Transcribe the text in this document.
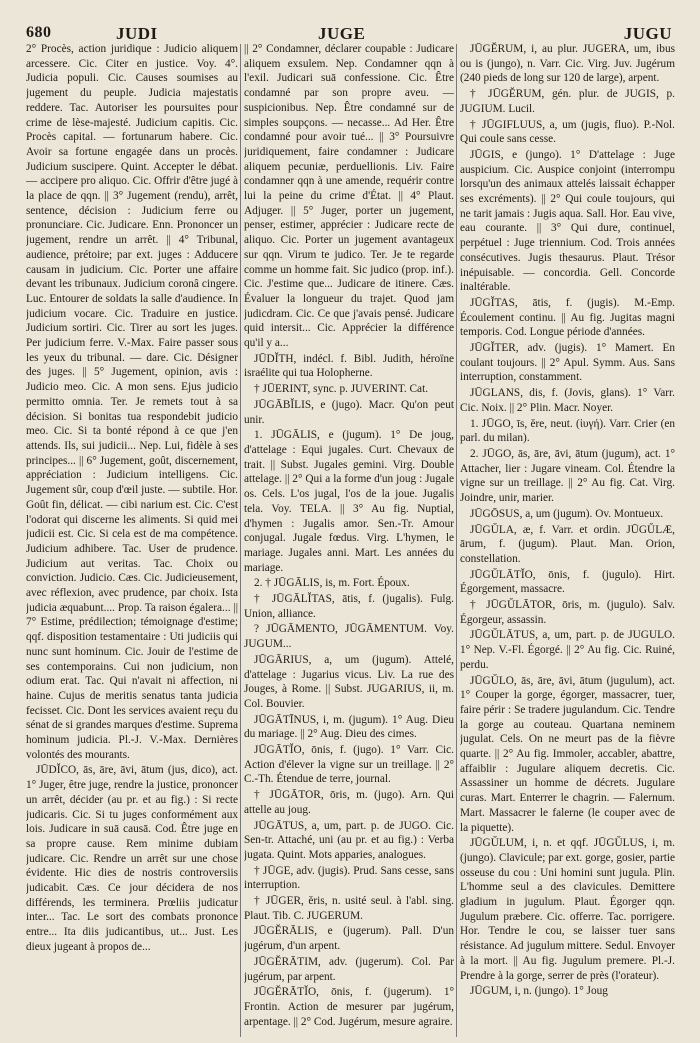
680	JUDI	JUGE	JUGU

2° Procès, action juridique : Judicio aliquem arcessere. Cic. Citer en justice. Voy. 4°. Judicia populi. Cic. Causes soumises au jugement du peuple. Judicia majestatis reddere. Tac. Autoriser les poursuites pour crime de lèse-majesté. Judicium capitis. Cic. Procès capital. — fortunarum habere. Cic. Avoir sa fortune engagée dans un procès. Judicium suscipere. Quint. Accepter le débat. — accipere pro aliquo. Cic. Offrir d'être jugé à la place de qqn. || 3° Jugement (rendu), arrêt, sentence, décision : Judicium ferre ou pronunciare. Cic. Judicare. Enn. Prononcer un jugement, rendre un arrêt. || 4° Tribunal, audience, prétoire; par ext. juges : Adducere causam in judicium. Cic. Porter une affaire devant les tribunaux. Judicium coronâ cingere. Luc. Entourer de soldats la salle d'audience. In judicium vocare. Cic. Traduire en justice. Judicium sortiri. Cic. Tirer au sort les juges. Per judicium ferre. V.-Max. Faire passer sous les yeux du tribunal. — dare. Cic. Désigner des juges. || 5° Jugement, opinion, avis : Judicio meo. Cic. A mon sens. Ejus judicio permitto omnia. Ter. Je remets tout à sa décision. Si bonitas tua respondebit judicio meo. Cic. Si ta bonté répond à ce que j'en attends. Ils, sui judicii... Nep. Lui, fidèle à ses principes... || 6° Jugement, goût, discernement, appréciation : Judicium intelligens. Cic. Jugement sûr, coup d'œil juste. — subtile. Hor. Goût fin, délicat. — cibi narium est. Cic. C'est l'odorat qui discerne les aliments. Si quid mei judicii est. Cic. Si cela est de ma compétence. Judicium adhibere. Tac. User de prudence. Judicium aut veritas. Tac. Choix ou conviction. Judicio. Cæs. Cic. Judicieusement, avec réflexion, avec prudence, par choix. Ista judicia æquabunt.... Prop. Ta raison égalera... || 7° Estime, prédilection; témoignage d'estime; qqf. disposition testamentaire : Uti judiciis qui nunc sunt hominum. Cic. Jouir de l'estime de ses contemporains. Cui non judicium, non odium erat. Tac. Qui n'avait ni affection, ni haine. Cujus de meritis senatus tanta judicia fecisset. Cic. Dont les services avaient reçu du sénat de si grandes marques d'estime. Suprema hominum judicia. Pl.-J. V.-Max. Dernières volontés des mourants.

JŪDĬCO, ās, āre, āvi, ātum (jus, dico), act. 1° Juger, être juge, rendre la justice, prononcer un arrêt, décider (au pr. et au fig.) : Si recte judicaris. Cic. Si tu juges conformément aux lois. Judicare in suā causā. Cod. Être juge en sa propre cause. Rem minime dubiam judicare. Cic. Rendre un arrêt sur une chose évidente. Hic dies de nostris controversiis judicabit. Cæs. Ce jour décidera de nos différends, les terminera. Prœliis judicatur inter... Tac. Le sort des combats prononce entre... Ita diis judicantibus, ut... Just. Les dieux jugeant à propos de...

|| 2° Condamner, déclarer coupable : Judicare aliquem exsulem. Nep. Condamner qqn à l'exil. Judicari suā confessione. Cic. Être condamné par son propre aveu. — suspicionibus. Nep. Être condamné sur de simples soupçons. — necasse... Ad Her. Être condamné pour avoir tué... || 3° Poursuivre juridiquement, faire condamner : Judicare aliquem pecuniæ, perduellionis. Liv. Faire condamner qqn à une amende, requérir contre lui la peine du crime d'État. || 4° Plaut. Adjuger. || 5° Juger, porter un jugement, penser, estimer, apprécier : Judicare recte de aliquo. Cic. Porter un jugement avantageux sur qqn. Virum te judico. Ter. Je te regarde comme un homme fait. Sic judico (prop. inf.). Cic. J'estime que... Judicare de itinere. Cæs. Évaluer la longueur du trajet. Quod jam judicdram. Cic. Ce que j'avais pensé. Judicare quid intersit... Cic. Apprécier la différence qu'il y a...

JŪDĬTH, indécl. f. Bibl. Judith, héroïne israélite qui tua Holopherne.

† JŪERINT, sync. p. JUVERINT. Cat.

JŪGĀBĬLIS, e (jugo). Macr. Qu'on peut unir.

1. JŪGĀLIS, e (jugum). 1° De joug, d'attelage : Equi jugales. Curt. Chevaux de trait. || Subst. Jugales gemini. Virg. Double attelage. || 2° Qui a la forme d'un joug : Jugale os. Cels. L'os jugal, l'os de la joue. Jugalis tela. Voy. TELA. || 3° Au fig. Nuptial, d'hymen : Jugalis amor. Sen.-Tr. Amour conjugal. Jugale fœdus. Virg. L'hymen, le mariage. Jugales anni. Mart. Les années du mariage.

2. † JŪGĀLIS, is, m. Fort. Époux.

† JŪGĀLĬTAS, ātis, f. (jugalis). Fulg. Union, alliance.

? JŪGĀMENTO, JŪGĀMENTUM. Voy. JUGUM...

JŪGĀRIUS, a, um (jugum). Attelé, d'attelage : Jugarius vicus. Liv. La rue des Jouges, à Rome. || Subst. JUGARIUS, ii, m. Col. Bouvier.

JŪGĀTĪNUS, i, m. (jugum). 1° Aug. Dieu du mariage. || 2° Aug. Dieu des cimes.

JŪGĀTĬO, ōnis, f. (jugo). 1° Varr. Cic. Action d'élever la vigne sur un treillage. || 2° C.-Th. Étendue de terre, journal.

† JŪGĀTOR, ōris, m. (jugo). Arn. Qui attelle au joug.

JŪGĀTUS, a, um, part. p. de JUGO. Cic. Sen-tr. Attaché, uni (au pr. et au fig.) : Verba jugata. Quint. Mots apparies, analogues.

† JŪGE, adv. (jugis). Prud. Sans cesse, sans interruption.

† JŪGER, ĕris, n. usité seul. à l'abl. sing. Plaut. Tib. C. JUGERUM.

JŪGĔRĀLIS, e (jugerum). Pall. D'un jugérum, d'un arpent.

JŪGĔRĀTIM, adv. (jugerum). Col. Par jugérum, par arpent.

JŪGĔRĀTĬO, ōnis, f. (jugerum). 1° Frontin. Action de mesurer par jugérum, arpentage. || 2° Cod. Jugérum, mesure agraire.

JŪGĔRUM, i, au plur. JUGERA, um, ibus ou is (jungo), n. Varr. Cic. Virg. Juv. Jugérum (240 pieds de long sur 120 de large), arpent.

† JŪGĔRUM, gén. plur. de JUGIS, p. JUGIUM. Lucil.

† JŪGIFLUUS, a, um (jugis, fluo). P.-Nol. Qui coule sans cesse.

JŪGIS, e (jungo). 1° D'attelage : Juge auspicium. Cic. Auspice conjoint (interrompu lorsqu'un des animaux attelés laissait échapper ses excréments). || 2° Qui coule toujours, qui ne tarit jamais : Jugis aqua. Sall. Hor. Eau vive, eau courante. || 3° Qui dure, continuel, perpétuel : Juge triennium. Cod. Trois années consécutives. Jugis thesaurus. Plaut. Trésor inépuisable. — concordia. Gell. Concorde inaltérable.

JŪGĬTAS, ātis, f. (jugis). M.-Emp. Écoulement continu. || Au fig. Jugitas magni temporis. Cod. Longue période d'années.

JŪGĬTER, adv. (jugis). 1° Mamert. En coulant toujours. || 2° Apul. Symm. Aus. Sans interruption, constamment.

JŪGLANS, dis, f. (Jovis, glans). 1° Varr. Cic. Noix. || 2° Plin. Macr. Noyer.

1. JŪGO, īs, ĕre, neut. (ἰυγή). Varr. Crier (en parl. du milan).

2. JŪGO, ās, āre, āvi, ātum (jugum), act. 1° Attacher, lier : Jugare vineam. Col. Étendre la vigne sur un treillage. || 2° Au fig. Cat. Virg. Joindre, unir, marier.

JŪGŌSUS, a, um (jugum). Ov. Montueux.

JŪGŬLA, æ, f. Varr. et ordin. JŪGŬLÆ, ārum, f. (jugum). Plaut. Man. Orion, constellation.

JŪGŬLĀTĬO, ōnis, f. (jugulo). Hirt. Égorgement, massacre.

† JŪGŬLĀTOR, ōris, m. (jugulo). Salv. Égorgeur, assassin.

JŪGŬLĀTUS, a, um, part. p. de JUGULO. 1° Nep. V.-Fl. Égorgé. || 2° Au fig. Cic. Ruiné, perdu.

JŪGŬLO, ās, āre, āvi, ātum (jugulum), act. 1° Couper la gorge, égorger, massacrer, tuer, faire périr : Se tradere jugulandum. Cic. Tendre la gorge au couteau. Quartana neminem jugulat. Cels. On ne meurt pas de la fièvre quarte. || 2° Au fig. Immoler, accabler, abattre, affaiblir : Jugulare aliquem decretis. Cic. Assassiner un homme de décrets. Jugulare curas. Mart. Enterrer le chagrin. — Falernum. Mart. Massacrer le falerne (le couper avec de la piquette).

JŪGŬLUM, i, n. et qqf. JŪGŬLUS, i, m. (jungo). Clavicule; par ext. gorge, gosier, partie osseuse du cou : Uni homini sunt jugula. Plin. L'homme seul a des clavicules. Demittere gladium in jugulum. Plaut. Égorger qqn. Jugulum præbere. Cic. offerre. Tac. porrigere. Hor. Tendre le cou, se laisser tuer sans résistance. Ad jugulum mittere. Sedul. Envoyer à la mort. || Au fig. Jugulum premere. Pl.-J. Prendre à la gorge, serrer de près (l'orateur).

JŪGUM, i, n. (jungo). 1° Joug
